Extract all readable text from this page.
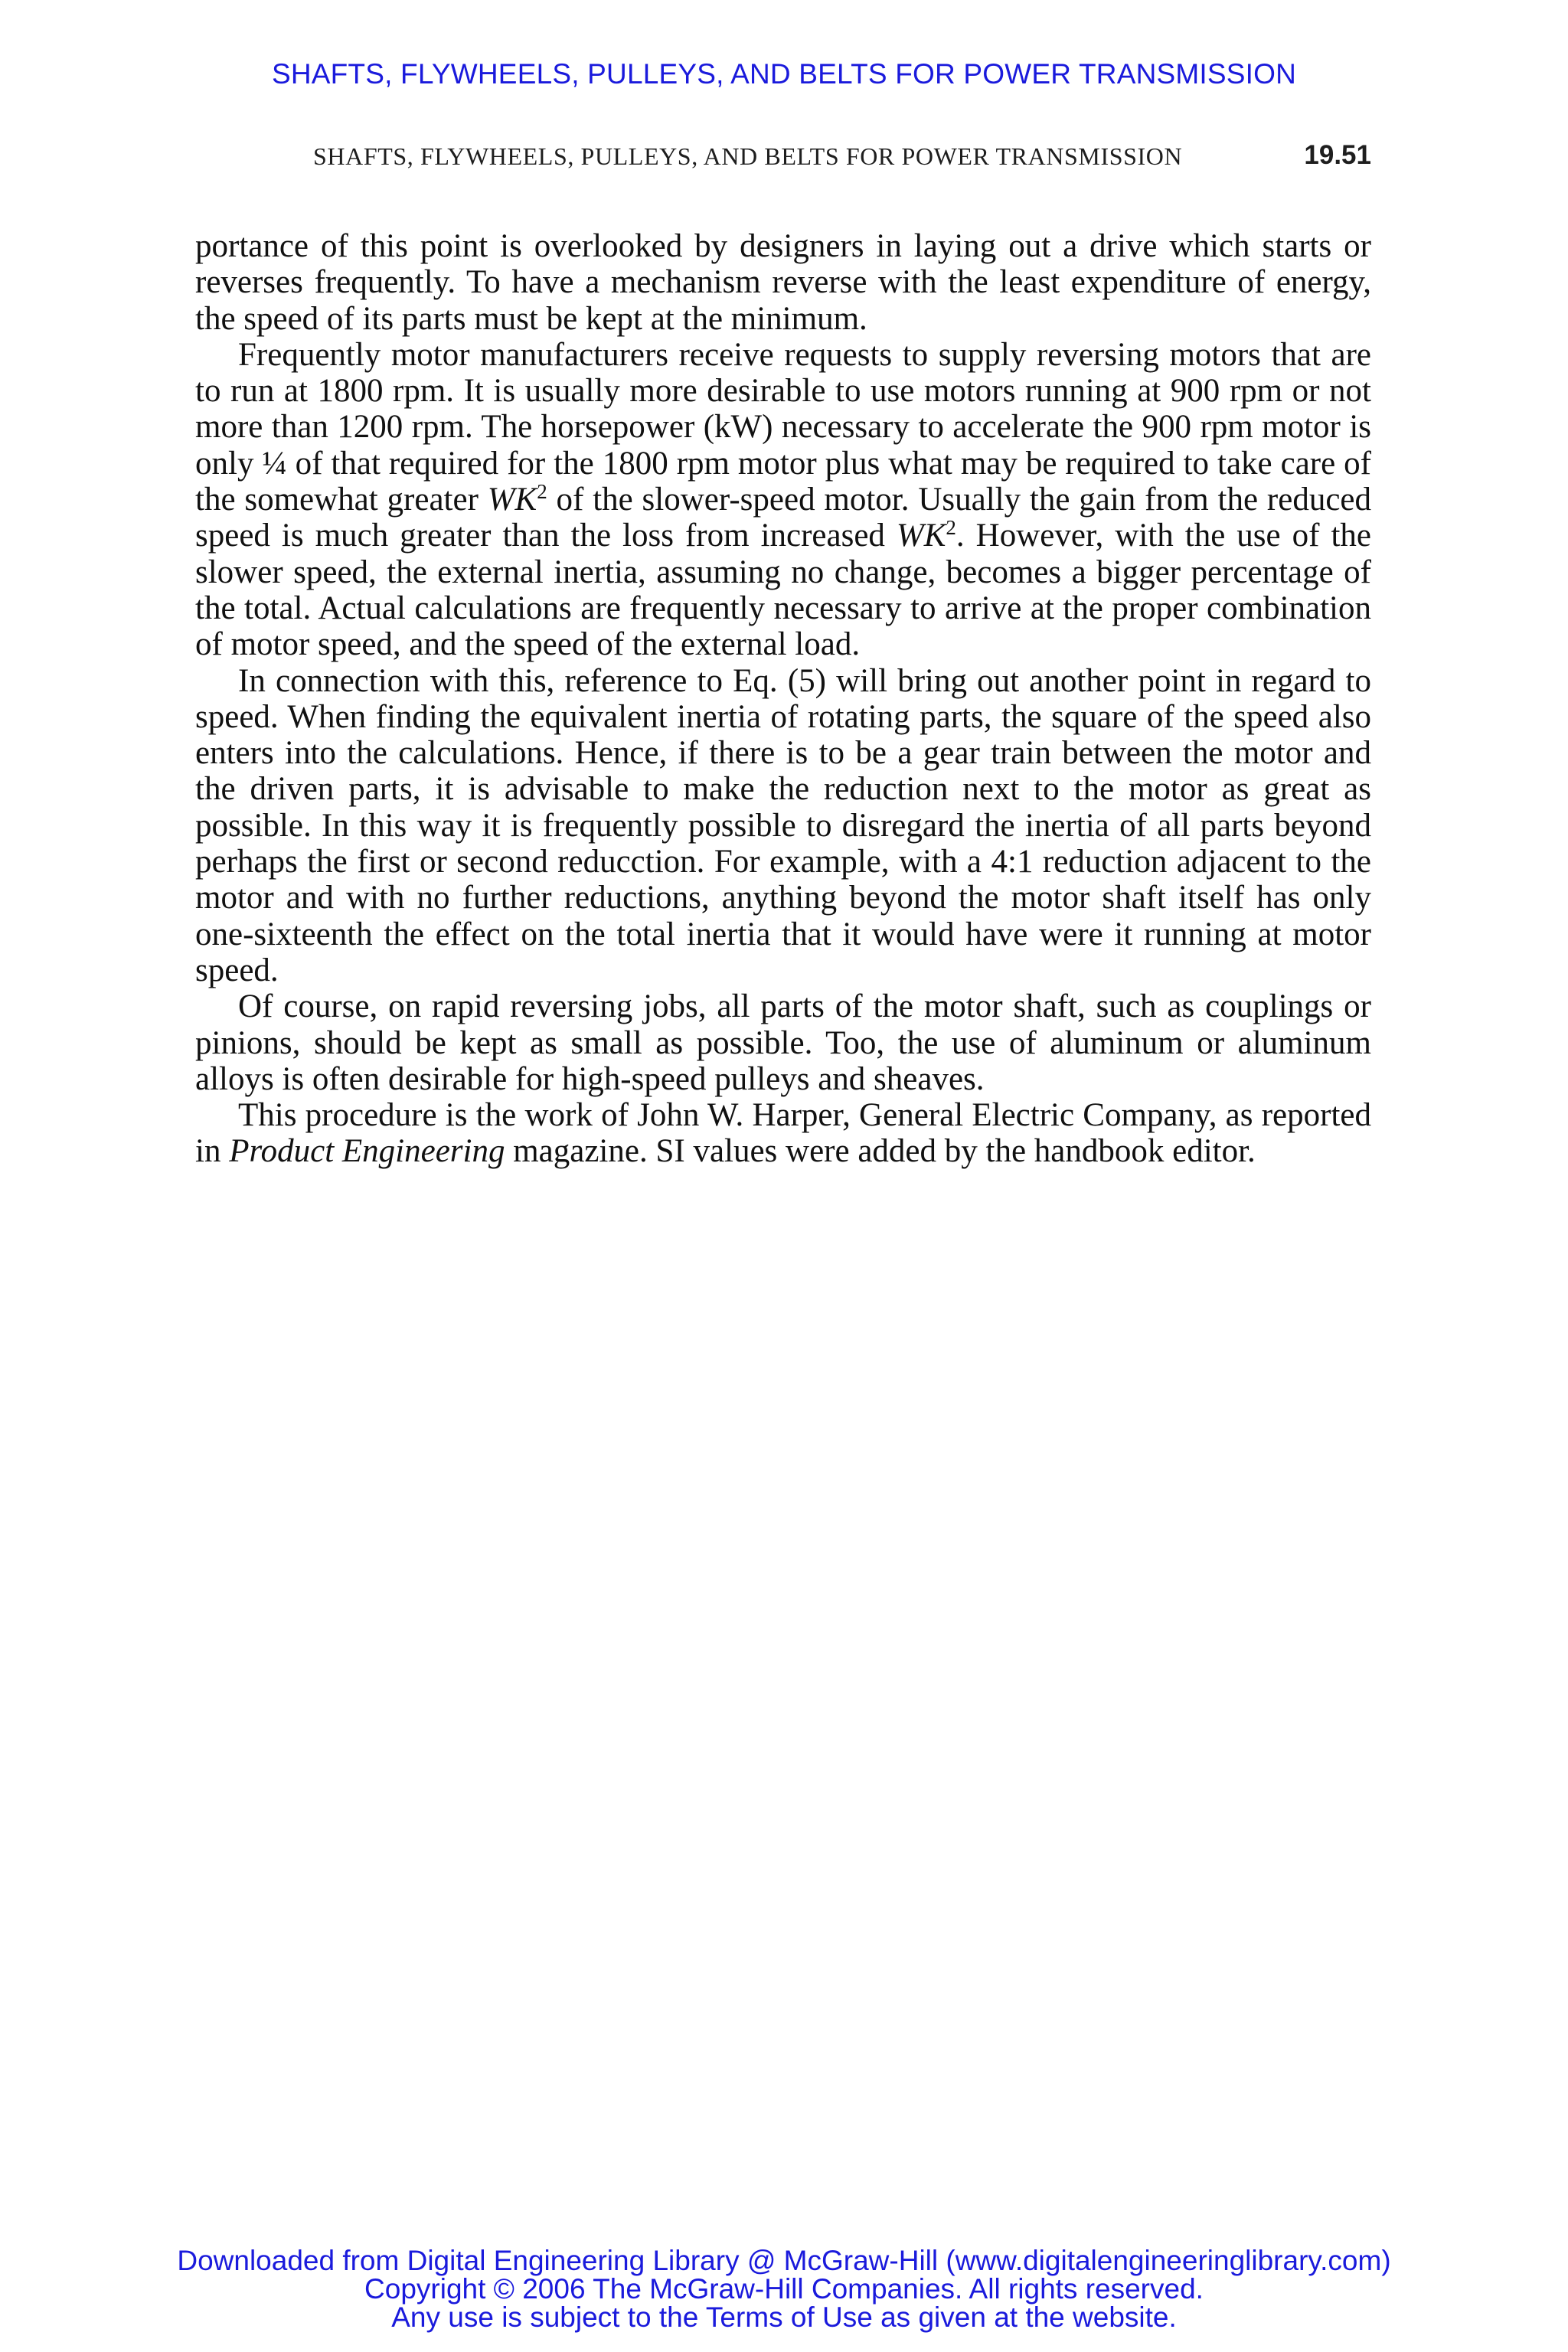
SHAFTS, FLYWHEELS, PULLEYS, AND BELTS FOR POWER TRANSMISSION
SHAFTS, FLYWHEELS, PULLEYS, AND BELTS FOR POWER TRANSMISSION	19.51

portance of this point is overlooked by designers in laying out a drive which starts or reverses frequently. To have a mechanism reverse with the least expenditure of energy, the speed of its parts must be kept at the minimum.

Frequently motor manufacturers receive requests to supply reversing motors that are to run at 1800 rpm. It is usually more desirable to use motors running at 900 rpm or not more than 1200 rpm. The horsepower (kW) necessary to accelerate the 900 rpm motor is only ¼ of that required for the 1800 rpm motor plus what may be required to take care of the somewhat greater $WK^2$ of the slower-speed motor. Usually the gain from the reduced speed is much greater than the loss from increased $WK^2$. However, with the use of the slower speed, the external inertia, assuming no change, becomes a bigger percentage of the total. Actual calculations are frequently necessary to arrive at the proper combination of motor speed, and the speed of the external load.

In connection with this, reference to Eq. (5) will bring out another point in regard to speed. When finding the equivalent inertia of rotating parts, the square of the speed also enters into the calculations. Hence, if there is to be a gear train between the motor and the driven parts, it is advisable to make the reduction next to the motor as great as possible. In this way it is frequently possible to disregard the inertia of all parts beyond perhaps the first or second reducction. For example, with a 4:1 reduction adjacent to the motor and with no further reductions, anything beyond the motor shaft itself has only one-sixteenth the effect on the total inertia that it would have were it running at motor speed.

Of course, on rapid reversing jobs, all parts of the motor shaft, such as couplings or pinions, should be kept as small as possible. Too, the use of aluminum or aluminum alloys is often desirable for high-speed pulleys and sheaves.

This procedure is the work of John W. Harper, General Electric Company, as reported in Product Engineering magazine. SI values were added by the handbook editor.

Downloaded from Digital Engineering Library @ McGraw-Hill (www.digitalengineeringlibrary.com)
Copyright © 2006 The McGraw-Hill Companies. All rights reserved.
Any use is subject to the Terms of Use as given at the website.
